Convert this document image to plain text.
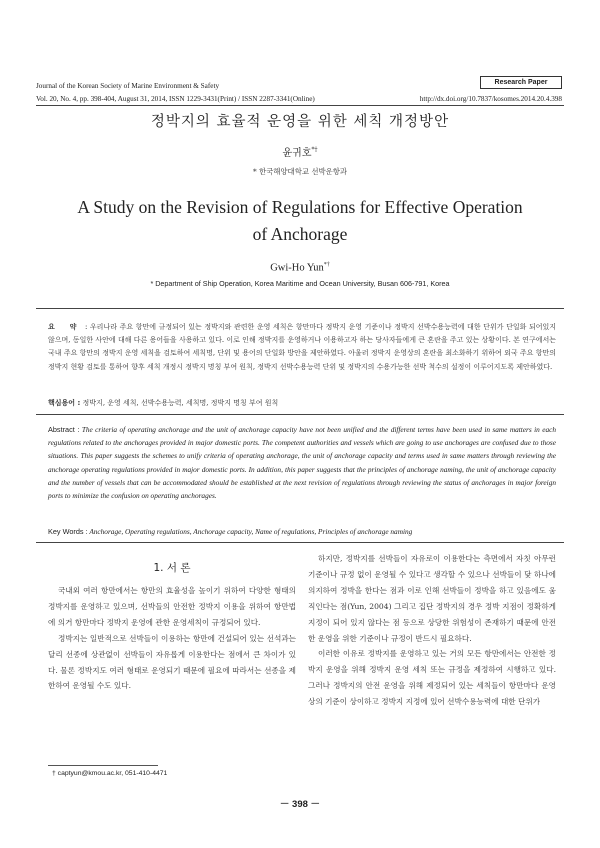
Journal of the Korean Society of Marine Environment & Safety	Research Paper
Vol. 20, No. 4, pp. 398-404, August 31, 2014, ISSN 1229-3431(Print) / ISSN 2287-3341(Online)	http://dx.doi.org/10.7837/kosomes.2014.20.4.398
정박지의 효율적 운영을 위한 세칙 개정방안
윤귀호*†
* 한국해양대학교 선박운항과
A Study on the Revision of Regulations for Effective Operation
of Anchorage
Gwi-Ho Yun*†
* Department of Ship Operation, Korea Maritime and Ocean University, Busan 606-791, Korea
요 약 : 우리나라 주요 항만에 규정되어 있는 정박지와 관련한 운영 세칙은 항만마다 정박지 운영 기준이나 정박지 선박수용능력에 대한 단위가 단일화 되어있지 않으며, 동일한 사안에 대해 다른 용어들을 사용하고 있다. 이로 인해 정박지를 운영하거나 이용하고자 하는 당사자들에게 큰 혼란을 주고 있는 상황이다. 본 연구에서는 국내 주요 항만의 정박지 운영 세칙을 검토하여 세칙명, 단위 및 용어의 단일화 방안을 제안하였다. 아울러 정박지 운영상의 혼란을 최소화하기 위하여 외국 주요 항만의 정박지 현황 검토를 통하여 향후 세칙 개정시 정박지 명칭 부여 원칙, 정박지 선박수용능력 단위 및 정박지의 수용가능한 선박 척수의 설정이 이루어지도록 제안하였다.
핵심용어 : 정박지, 운영 세칙, 선박수용능력, 세칙명, 정박지 명칭 부여 원칙
Abstract : The criteria of operating anchorage and the unit of anchorage capacity have not been unified and the different terms have been used in same matters in each regulations related to the anchorages provided in major domestic ports. The competent authorities and vessels which are going to use anchorages are confused due to those situations. This paper suggests the schemes to unify criteria of operating anchorage, the unit of anchorage capacity and terms used in same matters through reviewing the anchorage operating regulations provided in major domestic ports. In addition, this paper suggests that the principles of anchorage naming, the unit of anchorage capacity and the number of vessels that can be accommodated should be established at the next revision of regulations through reviewing the status of anchorages in major foreign ports to minimize the confusion on operating anchorages.
Key Words : Anchorage, Operating regulations, Anchorage capacity, Name of regulations, Principles of anchorage naming
1. 서 론

국내외 여러 항만에서는 항만의 효율성을 높이기 위하여 다양한 형태의 정박지를 운영하고 있으며, 선박들의 안전한 정박지 이용을 위하여 항만법에 의거 항만마다 정박지 운영에 관한 운영세칙이 규정되어 있다.

정박지는 일반적으로 선박들이 이용하는 항만에 건설되어 있는 선석과는 달리 선종에 상관없이 선박들이 자유롭게 이용한다는 점에서 큰 차이가 있다. 물론 정박지도 여러 형태로 운영되기 때문에 필요에 따라서는 선종을 제한하여 운영될 수도 있다.

하지만, 정박지를 선박들이 자유로이 이용한다는 측면에서 자칫 아무런 기준이나 규정 없이 운영될 수 있다고 생각할 수 있으나 선박들이 닻 하나에 의지하여 정박을 한다는 점과 이로 인해 선박들이 정박을 하고 있음에도 움직인다는 점(Yun, 2004) 그리고 집단 정박지의 경우 정박 지점이 정확하게 지정이 되어 있지 않다는 점 등으로 상당한 위험성이 존재하기 때문에 안전한 운영을 위한 기준이나 규정이 반드시 필요하다.

이러한 이유로 정박지를 운영하고 있는 거의 모든 항만에서는 안전한 정박지 운영을 위해 정박지 운영 세칙 또는 규정을 제정하여 시행하고 있다. 그러나 정박지의 안전 운영을 위해 제정되어 있는 세칙들이 항만마다 운영상의 기준이 상이하고 정박지 지정에 있어 선박수용능력에 대한 단위가

† captyun@kmou.ac.kr, 051-410-4471
－ 398 －
